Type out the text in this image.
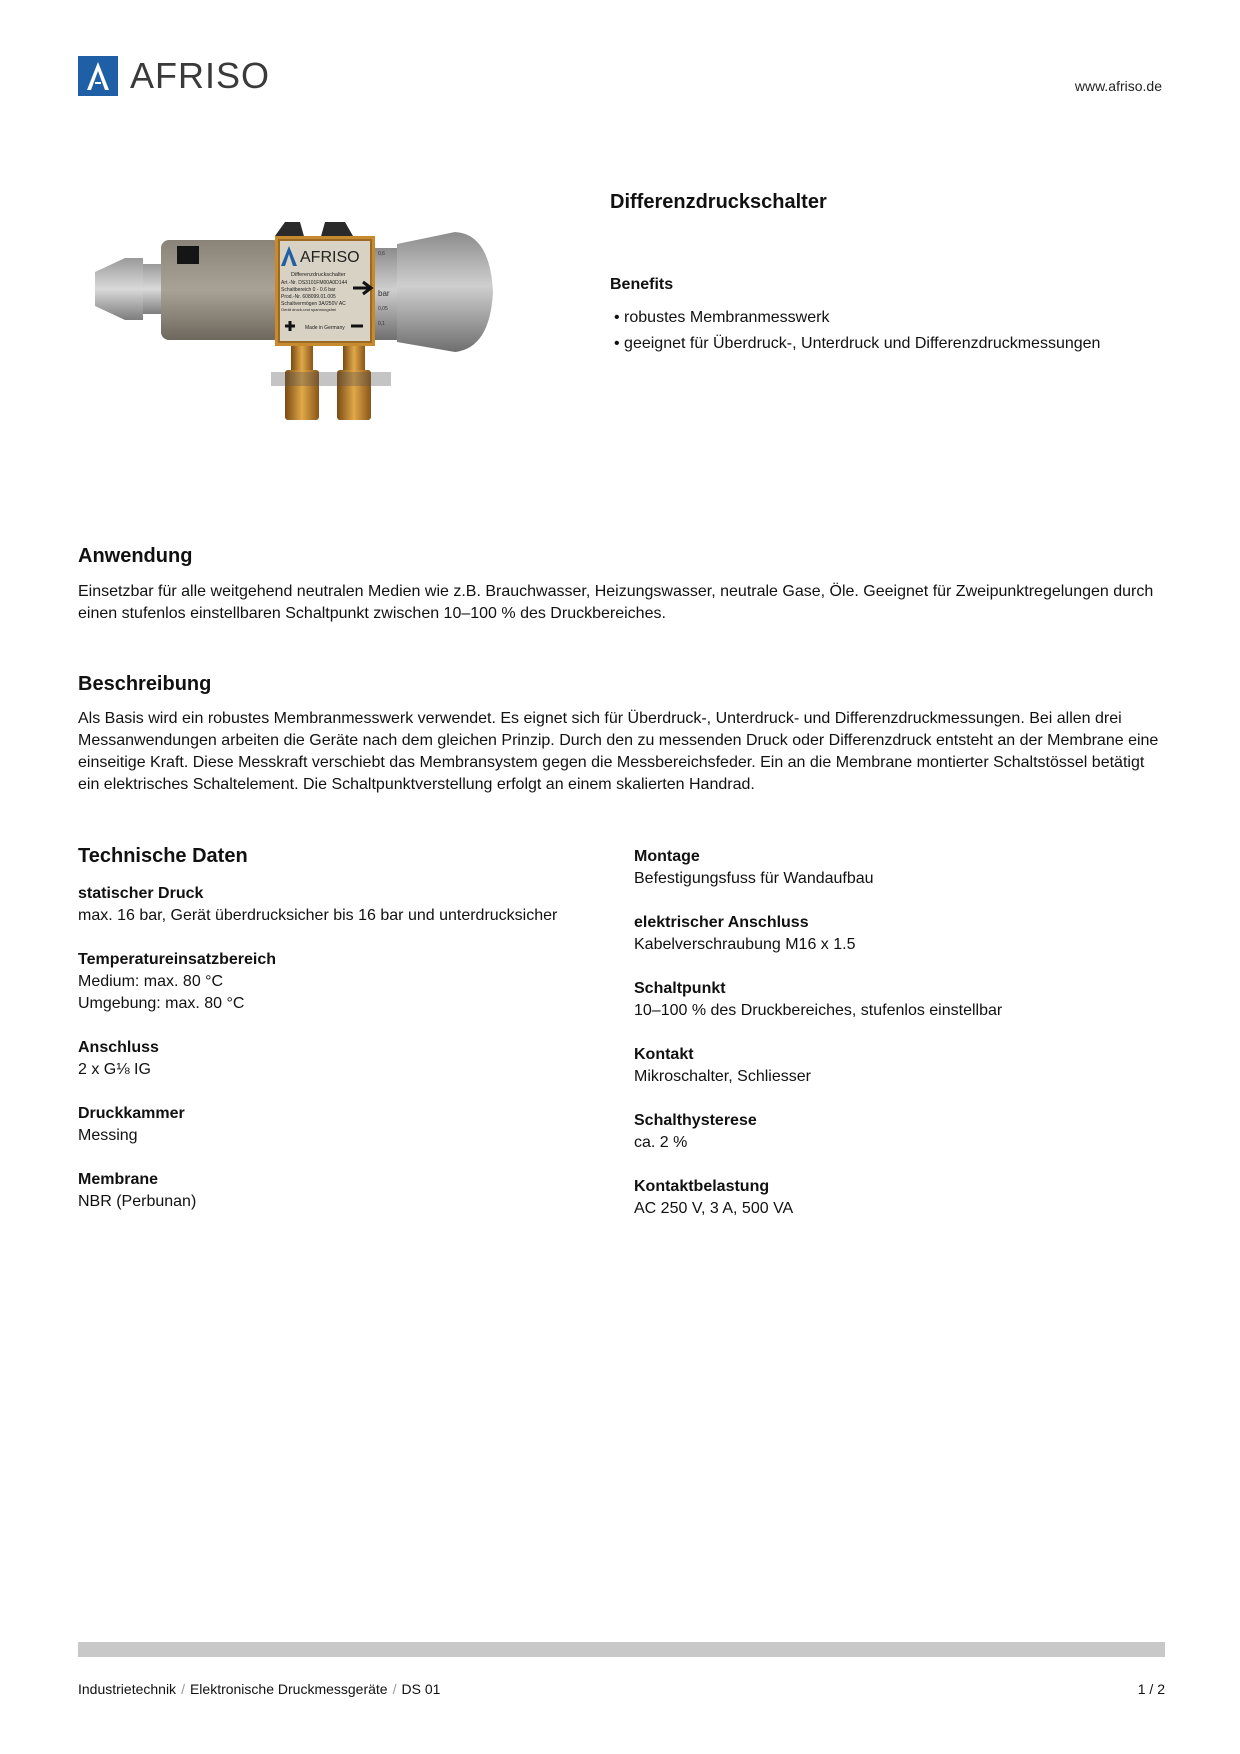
AFRISO	www.afriso.de
AFRISO
Differenzdruckschalter
Art.-Nr. DS3101FM00A0D144
Schaltbereich 0 - 0.6 bar
Prod.-Nr. 608099.01.005
Schaltvermögen 3A/250V AC
Gerät druck-und spannungsfrei
Made in Germany
bar
0,6
0,05
0,1
Differenzdruckschalter
Benefits
• robustes Membranmesswerk
• geeignet für Überdruck-, Unterdruck und Differenzdruckmessungen
Anwendung

Einsetzbar für alle weitgehend neutralen Medien wie z.B. Brauchwasser, Heizungswasser, neutrale Gase, Öle. Geeignet für Zweipunktregelungen durch einen stufenlos einstellbaren Schaltpunkt zwischen 10–100 % des Druckbereiches.

Beschreibung

Als Basis wird ein robustes Membranmesswerk verwendet. Es eignet sich für Überdruck-, Unterdruck- und Differenzdruckmessungen. Bei allen drei Messanwendungen arbeiten die Geräte nach dem gleichen Prinzip. Durch den zu messenden Druck oder Differenzdruck entsteht an der Membrane eine einseitige Kraft. Diese Messkraft verschiebt das Membransystem gegen die Messbereichsfeder. Ein an die Membrane montierter Schaltstössel betätigt ein elektrisches Schaltelement. Die Schaltpunktverstellung erfolgt an einem skalierten Handrad.

Technische Daten
statischer Druck
max. 16 bar, Gerät überdrucksicher bis 16 bar und unterdrucksicher
Temperatureinsatzbereich
Medium: max. 80 °C
Umgebung: max. 80 °C
Anschluss
2 x G⅛ IG
Druckkammer
Messing
Membrane
NBR (Perbunan)
Montage
Befestigungsfuss für Wandaufbau
elektrischer Anschluss
Kabelverschraubung M16 x 1.5
Schaltpunkt
10–100 % des Druckbereiches, stufenlos einstellbar
Kontakt
Mikroschalter, Schliesser
Schalthysterese
ca. 2 %
Kontaktbelastung
AC 250 V, 3 A, 500 VA
Industrietechnik / Elektronische Druckmessgeräte / DS 01	1 / 2
